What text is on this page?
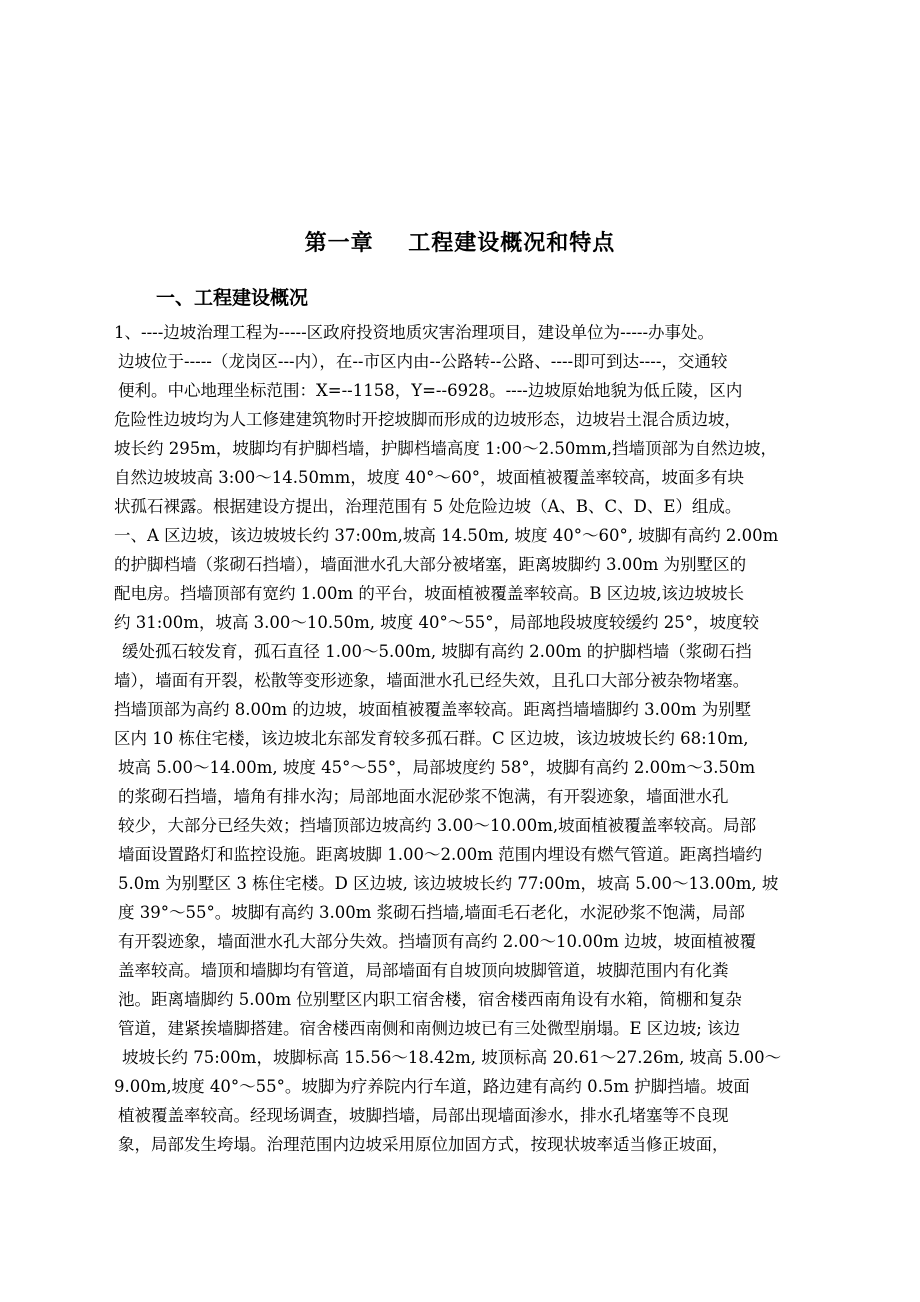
第一章    工程建设概况和特点
一、工程建设概况
1、----边坡治理工程为-----区政府投资地质灾害治理项目，建设单位为-----办事处。
边坡位于-----（龙岗区---内），在--市区内由--公路转--公路、----即可到达----，交通较
便利。中心地理坐标范围：X=--1158，Y=--6928。----边坡原始地貌为低丘陵，区内
危险性边坡均为人工修建建筑物时开挖坡脚而形成的边坡形态，边坡岩土混合质边坡，
坡长约 295m，坡脚均有护脚档墙，护脚档墙高度 1:00～2.50mm,挡墙顶部为自然边坡，
自然边坡坡高 3:00～14.50mm，坡度 40°～60°，坡面植被覆盖率较高，坡面多有块
状孤石裸露。根据建设方提出，治理范围有 5 处危险边坡（A、B、C、D、E）组成。
一、A 区边坡，该边坡坡长约 37:00m,坡高 14.50m, 坡度 40°～60°, 坡脚有高约 2.00m
的护脚档墙（浆砌石挡墙），墙面泄水孔大部分被堵塞，距离坡脚约 3.00m 为别墅区的
配电房。挡墙顶部有宽约 1.00m 的平台，坡面植被覆盖率较高。B 区边坡,该边坡坡长
约 31:00m，坡高 3.00～10.50m, 坡度 40°～55°，局部地段坡度较缓约 25°，坡度较
缓处孤石较发育，孤石直径 1.00～5.00m, 坡脚有高约 2.00m 的护脚档墙（浆砌石挡
墙），墙面有开裂，松散等变形迹象，墙面泄水孔已经失效，且孔口大部分被杂物堵塞。
挡墙顶部为高约 8.00m 的边坡，坡面植被覆盖率较高。距离挡墙墙脚约 3.00m 为别墅
区内 10 栋住宅楼，该边坡北东部发育较多孤石群。C 区边坡，该边坡坡长约 68:10m,
坡高 5.00～14.00m, 坡度 45°～55°，局部坡度约 58°，坡脚有高约 2.00m～3.50m
的浆砌石挡墙，墙角有排水沟；局部地面水泥砂浆不饱满，有开裂迹象，墙面泄水孔
较少，大部分已经失效；挡墙顶部边坡高约 3.00～10.00m,坡面植被覆盖率较高。局部
墙面设置路灯和监控设施。距离坡脚 1.00～2.00m 范围内埋设有燃气管道。距离挡墙约
5.0m 为别墅区 3 栋住宅楼。D 区边坡, 该边坡坡长约 77:00m，坡高 5.00～13.00m, 坡
度 39°～55°。坡脚有高约 3.00m 浆砌石挡墙,墙面毛石老化，水泥砂浆不饱满，局部
有开裂迹象，墙面泄水孔大部分失效。挡墙顶有高约 2.00～10.00m 边坡，坡面植被覆
盖率较高。墙顶和墙脚均有管道，局部墙面有自坡顶向坡脚管道，坡脚范围内有化粪
池。距离墙脚约 5.00m 位别墅区内职工宿舍楼，宿舍楼西南角设有水箱，简棚和复杂
管道，建紧挨墙脚搭建。宿舍楼西南侧和南侧边坡已有三处微型崩塌。E 区边坡; 该边
坡坡长约 75:00m，坡脚标高 15.56～18.42m, 坡顶标高 20.61～27.26m, 坡高 5.00～
9.00m,坡度 40°～55°。坡脚为疗养院内行车道，路边建有高约 0.5m 护脚挡墙。坡面
植被覆盖率较高。经现场调查，坡脚挡墙，局部出现墙面渗水，排水孔堵塞等不良现
象，局部发生垮塌。治理范围内边坡采用原位加固方式，按现状坡率适当修正坡面，
